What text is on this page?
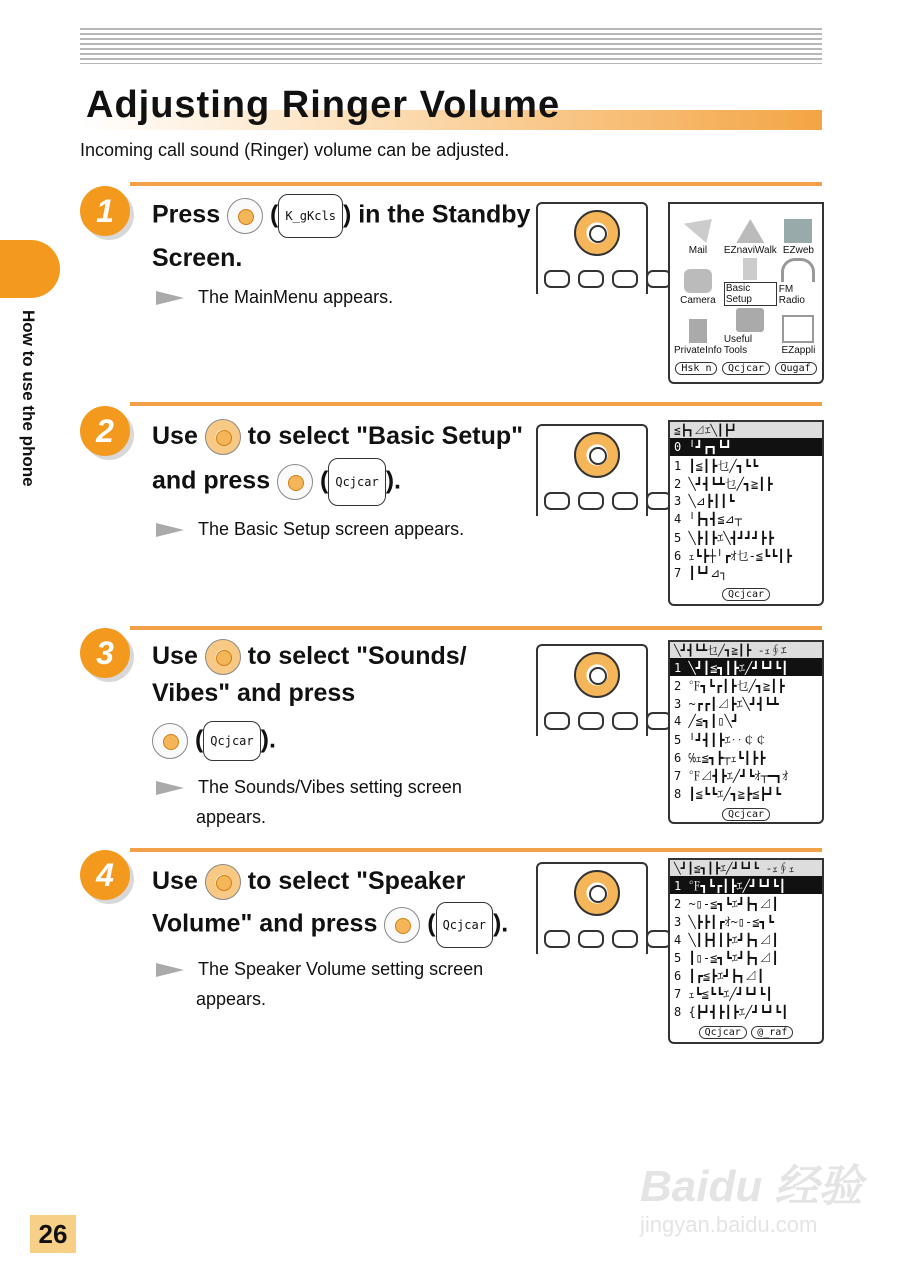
Adjusting Ringer Volume
Incoming call sound (Ringer) volume can be adjusted.
How to use the phone
1	Press  ( K_gKcls ) in the Standby
Screen.
The MainMenu appears.
Mail EZnaviWalk EZweb
Camera
Basic Setup
FM Radio
PrivateInfo
Useful Tools	EZappli
Hsk n Qcjcar Qugaf
2	Use to select "Basic Setup"
and press  ( Qcjcar ).
The Basic Setup screen appears.
≦┣┓⊿ｴ╲┃┣┛
0 ╵┛┏┓┗┛
1 ┃≦┃┣乜╱┓┗┗
2 ╲┛┫┗┻乜╱┓≧┃┣
3 ╲⊿┣┃┃┗
4 ╵┣┓┫≦⊿┬
5 ╲┣┃┣ｴ╲┫┛┛┛┣┣
6 ｪ┗┣┼╵┏ｵ乜-≦┗┗┃┣
7 ┃┗┛⊿┐
Qcjcar
3	Use to select "Sounds/
Vibes" and press
( Qcjcar ).
The Sounds/Vibes setting screen
appears.
╲┛┫┗┻乜╱┓≧┃┣ -ｪ∮ｴ
1 ╲┛┃≦┓┃┣ｴ╱┛┗┛┗┃
2 ℉┓┗┏┃┣乜╱┓≧┃┣
3 ~┏┏┃⊿┣ｴ╲┛┫┗┻
4 ╱≦┓┃▯╲┛
5 ╵┛┫┃┣ｴ‥￠￠
6 ℅ｪ≦┓┣┬ｪ┗┃┣┣
7 ℉⊿┫┣ｴ╱┛┗ｵ┬━┓ｵ
8 ┃≦┗┗ｴ╱┓≧┣≦┣┛┗
Qcjcar
4	Use to select "Speaker
Volume" and press  ( Qcjcar ).
The Speaker Volume setting screen
appears.
╲┛┃≦┓┃┣ｴ╱┛┗┛┗ -ｪ∮ｪ
1 ℉┓┗┏┃┣ｴ╱┛┗┛┗┃
2 ~▯-≦┓┗ｴ┛┣┓⊿┃
3 ╲┣┣┃┏ｵ~▯-≦┓┗
4 ╲┃┣┫┃┣ｴ┛┣┓⊿┃
5 ┃▯-≦┓┗ｴ┛┣┓⊿┃
6 ┃┏≦┣ｴ┛┣┓⊿┃
7 ｪ┗≦┗┗ｴ╱┛┗┛┗┃
8 {┣┛┫┣┃┣ｴ╱┛┗┛┗┃
Qcjcar @_raf
26
Baidu 经验
jingyan.baidu.com
